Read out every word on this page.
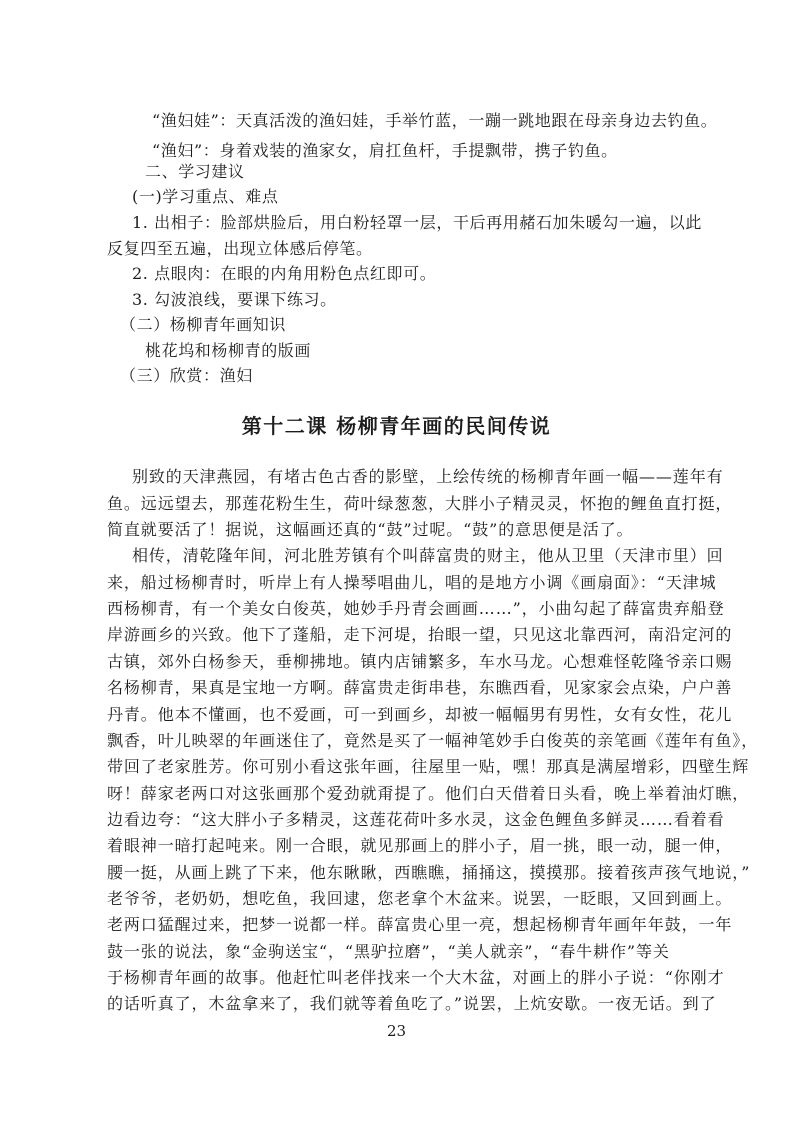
“渔妇娃”：天真活泼的渔妇娃，手举竹蓝，一蹦一跳地跟在母亲身边去钓鱼。
“渔妇”：身着戏装的渔家女，肩扛鱼杆，手提飘带，携子钓鱼。
二、学习建议
(一)学习重点、难点
1. 出相子：脸部烘脸后，用白粉轻罩一层，干后再用赭石加朱暖勾一遍，以此
反复四至五遍，出现立体感后停笔。
2. 点眼肉：在眼的内角用粉色点红即可。
3. 勾波浪线，要课下练习。
（二）杨柳青年画知识
桃花坞和杨柳青的版画
（三）欣赏：渔妇
第十二课 杨柳青年画的民间传说
别致的天津燕园，有堵古色古香的影壁，上绘传统的杨柳青年画一幅——莲年有
鱼。远远望去，那莲花粉生生，荷叶绿葱葱，大胖小子精灵灵，怀抱的鲤鱼直打挺，
简直就要活了！据说，这幅画还真的“鼓”过呢。“鼓”的意思便是活了。
相传，清乾隆年间，河北胜芳镇有个叫薛富贵的财主，他从卫里（天津市里）回
来，船过杨柳青时，听岸上有人操琴唱曲儿，唱的是地方小调《画扇面》：“天津城
西杨柳青，有一个美女白俊英，她妙手丹青会画画……”，小曲勾起了薛富贵弃船登
岸游画乡的兴致。他下了蓬船，走下河堤，抬眼一望，只见这北靠西河，南沿定河的
古镇，郊外白杨参天，垂柳拂地。镇内店铺繁多，车水马龙。心想难怪乾隆爷亲口赐
名杨柳青，果真是宝地一方啊。薛富贵走街串巷，东瞧西看，见家家会点染，户户善
丹青。他本不懂画，也不爱画，可一到画乡，却被一幅幅男有男性，女有女性，花儿
飘香，叶儿映翠的年画迷住了，竟然是买了一幅神笔妙手白俊英的亲笔画《莲年有鱼》，
带回了老家胜芳。你可别小看这张年画，往屋里一贴，嘿！那真是满屋增彩，四壁生辉
呀！薛家老两口对这张画那个爱劲就甭提了。他们白天借着日头看，晚上举着油灯瞧，
边看边夸：“这大胖小子多精灵，这莲花荷叶多水灵，这金色鲤鱼多鲜灵……看着看
着眼神一暗打起吨来。刚一合眼，就见那画上的胖小子，眉一挑，眼一动，腿一伸，
腰一挺，从画上跳了下来，他东瞅瞅，西瞧瞧，捅捅这，摸摸那。接着孩声孩气地说，”
老爷爷，老奶奶，想吃鱼，我回逮，您老拿个木盆来。说罢，一眨眼，又回到画上。
老两口猛醒过来，把梦一说都一样。薛富贵心里一亮，想起杨柳青年画年年鼓，一年
鼓一张的说法，象“金驹送宝“，“黑驴拉磨”，“美人就亲”，“春牛耕作”等关
于杨柳青年画的故事。他赶忙叫老伴找来一个大木盆，对画上的胖小子说：“你刚才
的话听真了，木盆拿来了，我们就等着鱼吃了。”说罢，上炕安歇。一夜无话。到了
23
